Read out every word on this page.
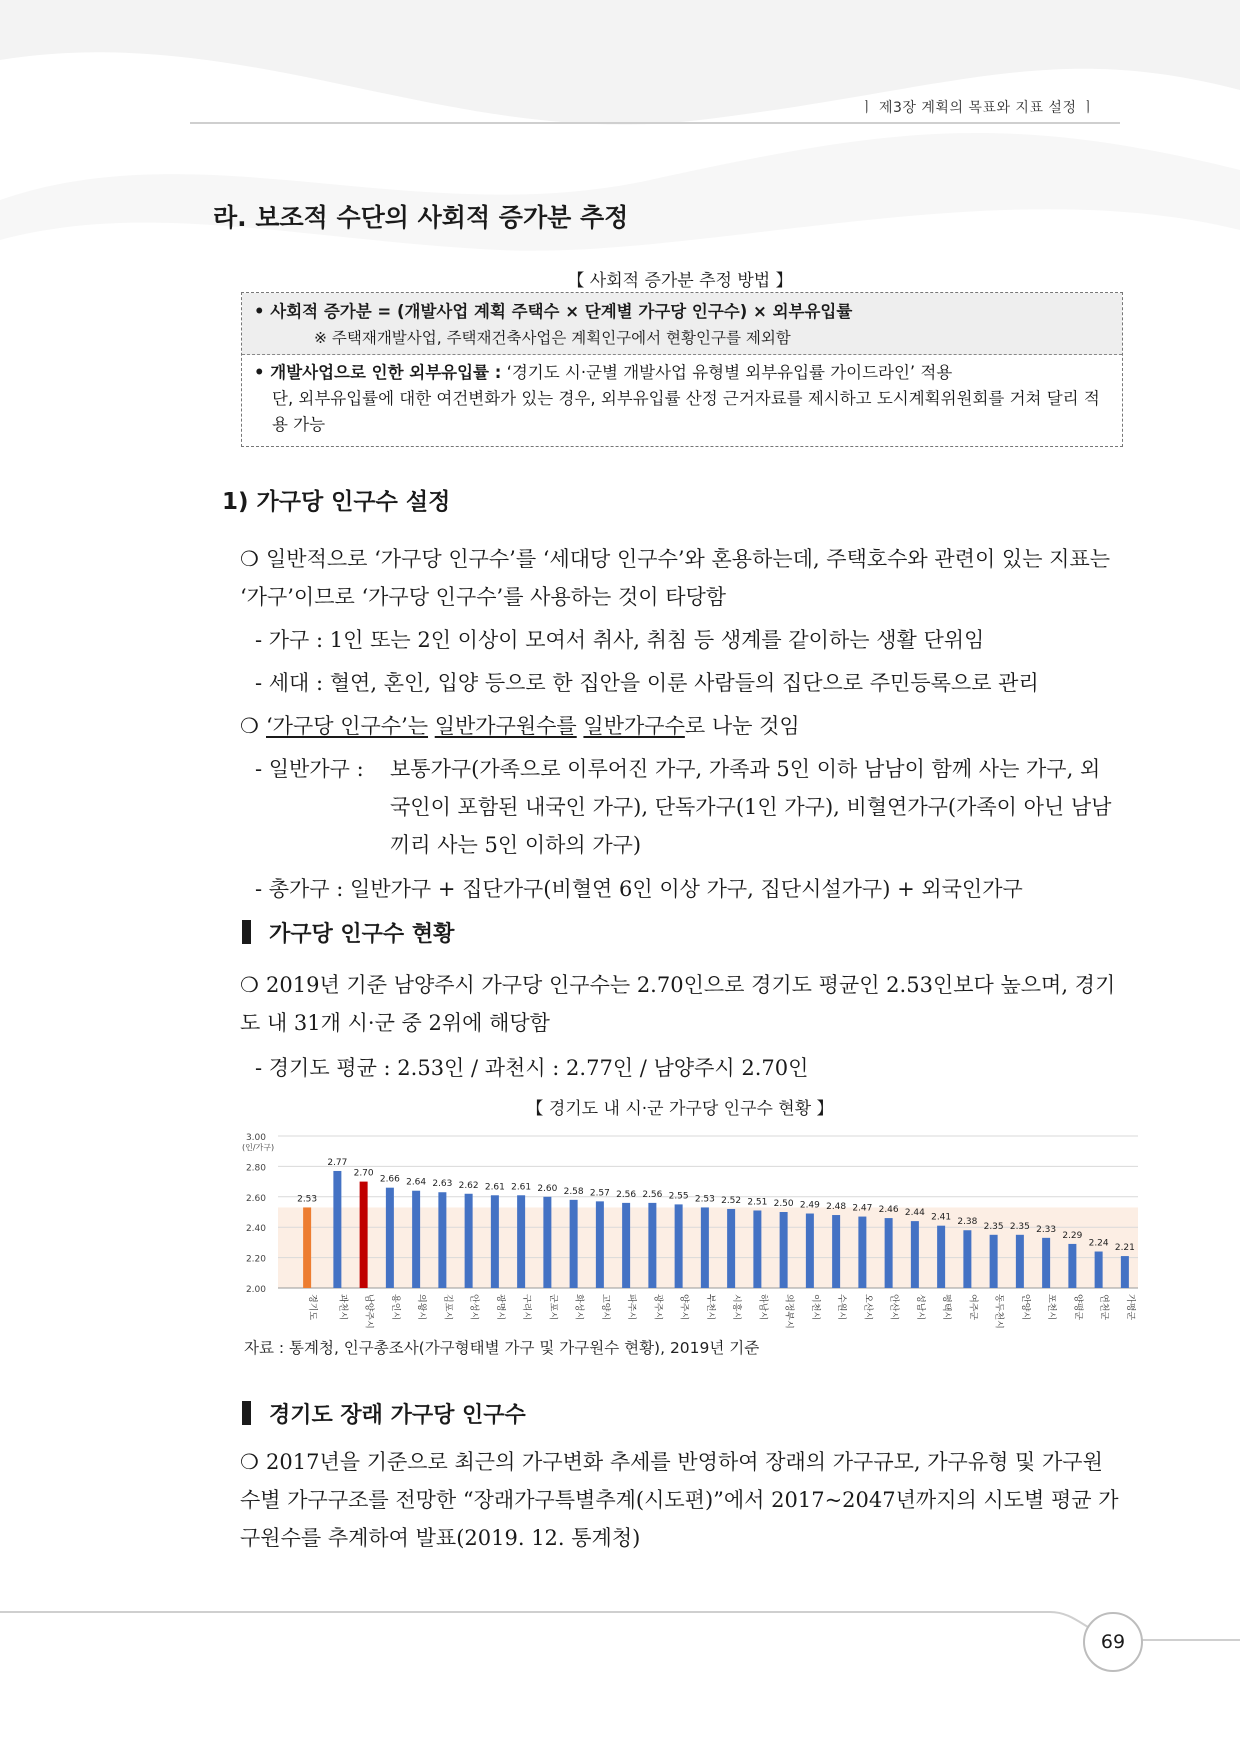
ㅣ 제3장 계획의 목표와 지표 설정 ㅣ
라. 보조적 수단의 사회적 증가분 추정
【 사회적 증가분 추정 방법 】
• 사회적 증가분 = (개발사업 계획 주택수 × 단계별 가구당 인구수) × 외부유입률
※ 주택재개발사업, 주택재건축사업은 계획인구에서 현황인구를 제외함
• 개발사업으로 인한 외부유입률 : ‘경기도 시·군별 개발사업 유형별 외부유입률 가이드라인’ 적용
단, 외부유입률에 대한 여건변화가 있는 경우, 외부유입률 산정 근거자료를 제시하고 도시계획위원회를 거쳐 달리 적용 가능
1) 가구당 인구수 설정
❍ 일반적으로 ‘가구당 인구수’를 ‘세대당 인구수’와 혼용하는데, 주택호수와 관련이 있는 지표는 ‘가구’이므로 ‘가구당 인구수’를 사용하는 것이 타당함
- 가구 : 1인 또는 2인 이상이 모여서 취사, 취침 등 생계를 같이하는 생활 단위임
- 세대 : 혈연, 혼인, 입양 등으로 한 집안을 이룬 사람들의 집단으로 주민등록으로 관리
❍ ‘가구당 인구수’는 일반가구원수를 일반가구수로 나눈 것임
- 일반가구 :	보통가구(가족으로 이루어진 가구, 가족과 5인 이하 남남이 함께 사는 가구, 외국인이 포함된 내국인 가구), 단독가구(1인 가구), 비혈연가구(가족이 아닌 남남끼리 사는 5인 이하의 가구)
- 총가구 : 일반가구 + 집단가구(비혈연 6인 이상 가구, 집단시설가구) + 외국인가구
가구당 인구수 현황
❍ 2019년 기준 남양주시 가구당 인구수는 2.70인으로 경기도 평균인 2.53인보다 높으며, 경기도 내 31개 시·군 중 2위에 해당함
- 경기도 평균 : 2.53인 / 과천시 : 2.77인 / 남양주시 2.70인
【 경기도 내 시·군 가구당 인구수 현황 】
2.00
2.20
2.40
2.60
2.80
3.00
(인/가구)
2.53
경기도
2.77
과천시
2.70
남양주시
2.66
용인시
2.64
의왕시
2.63
김포시
2.62
안성시
2.61
광명시
2.61
구리시
2.60
군포시
2.58
화성시
2.57
고양시
2.56
파주시
2.56
광주시
2.55
양주시
2.53
부천시
2.52
시흥시
2.51
하남시
2.50
의정부시
2.49
이천시
2.48
수원시
2.47
오산시
2.46
안산시
2.44
성남시
2.41
평택시
2.38
여주군
2.35
동두천시
2.35
안양시
2.33
포천시
2.29
양평군
2.24
연천군
2.21
가평군
자료 : 통계청, 인구총조사(가구형태별 가구 및 가구원수 현황), 2019년 기준
경기도 장래 가구당 인구수
❍ 2017년을 기준으로 최근의 가구변화 추세를 반영하여 장래의 가구규모, 가구유형 및 가구원수별 가구구조를 전망한 “장래가구특별추계(시도편)”에서 2017~2047년까지의 시도별 평균 가구원수를 추계하여 발표(2019. 12. 통계청)
69
